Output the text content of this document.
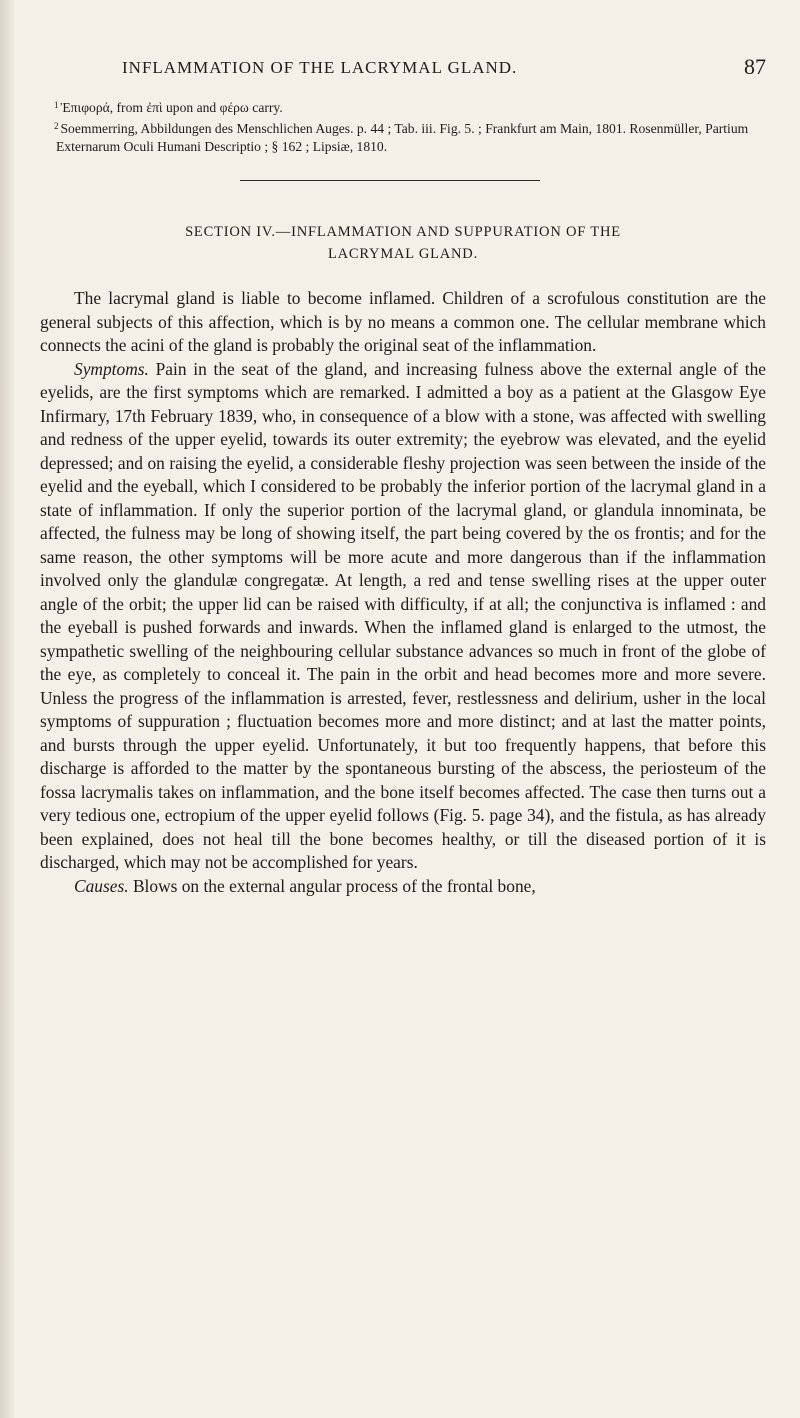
INFLAMMATION OF THE LACRYMAL GLAND.	87

$^1$ Ἐπιφορά, from ἐπὶ upon and φέρω carry.

$^2$ Soemmerring, Abbildungen des Menschlichen Auges. p. 44 ; Tab. iii. Fig. 5. ; Frankfurt am Main, 1801. Rosenmüller, Partium Externarum Oculi Humani Descriptio ; § 162 ; Lipsiæ, 1810.

SECTION IV.—INFLAMMATION AND SUPPURATION OF THE
LACRYMAL GLAND.

The lacrymal gland is liable to become inflamed. Children of a scrofulous constitution are the general subjects of this affection, which is by no means a common one. The cellular membrane which connects the acini of the gland is probably the original seat of the inflammation.

Symptoms. Pain in the seat of the gland, and increasing fulness above the external angle of the eyelids, are the first symptoms which are remarked. I admitted a boy as a patient at the Glasgow Eye Infirmary, 17th February 1839, who, in consequence of a blow with a stone, was affected with swelling and redness of the upper eyelid, towards its outer extremity; the eyebrow was elevated, and the eyelid depressed; and on raising the eyelid, a considerable fleshy projection was seen between the inside of the eyelid and the eyeball, which I considered to be probably the inferior portion of the lacrymal gland in a state of inflammation. If only the superior portion of the lacrymal gland, or glandula innominata, be affected, the fulness may be long of showing itself, the part being covered by the os frontis; and for the same reason, the other symptoms will be more acute and more dangerous than if the inflammation involved only the glandulæ congregatæ. At length, a red and tense swelling rises at the upper outer angle of the orbit; the upper lid can be raised with difficulty, if at all; the conjunctiva is inflamed : and the eyeball is pushed forwards and inwards. When the inflamed gland is enlarged to the utmost, the sympathetic swelling of the neighbouring cellular substance advances so much in front of the globe of the eye, as completely to conceal it. The pain in the orbit and head becomes more and more severe. Unless the progress of the inflammation is arrested, fever, restlessness and delirium, usher in the local symptoms of suppuration ; fluctuation becomes more and more distinct; and at last the matter points, and bursts through the upper eyelid. Unfortunately, it but too frequently happens, that before this discharge is afforded to the matter by the spontaneous bursting of the abscess, the periosteum of the fossa lacrymalis takes on inflammation, and the bone itself becomes affected. The case then turns out a very tedious one, ectropium of the upper eyelid follows (Fig. 5. page 34), and the fistula, as has already been explained, does not heal till the bone becomes healthy, or till the diseased portion of it is discharged, which may not be accomplished for years.

Causes. Blows on the external angular process of the frontal bone,
